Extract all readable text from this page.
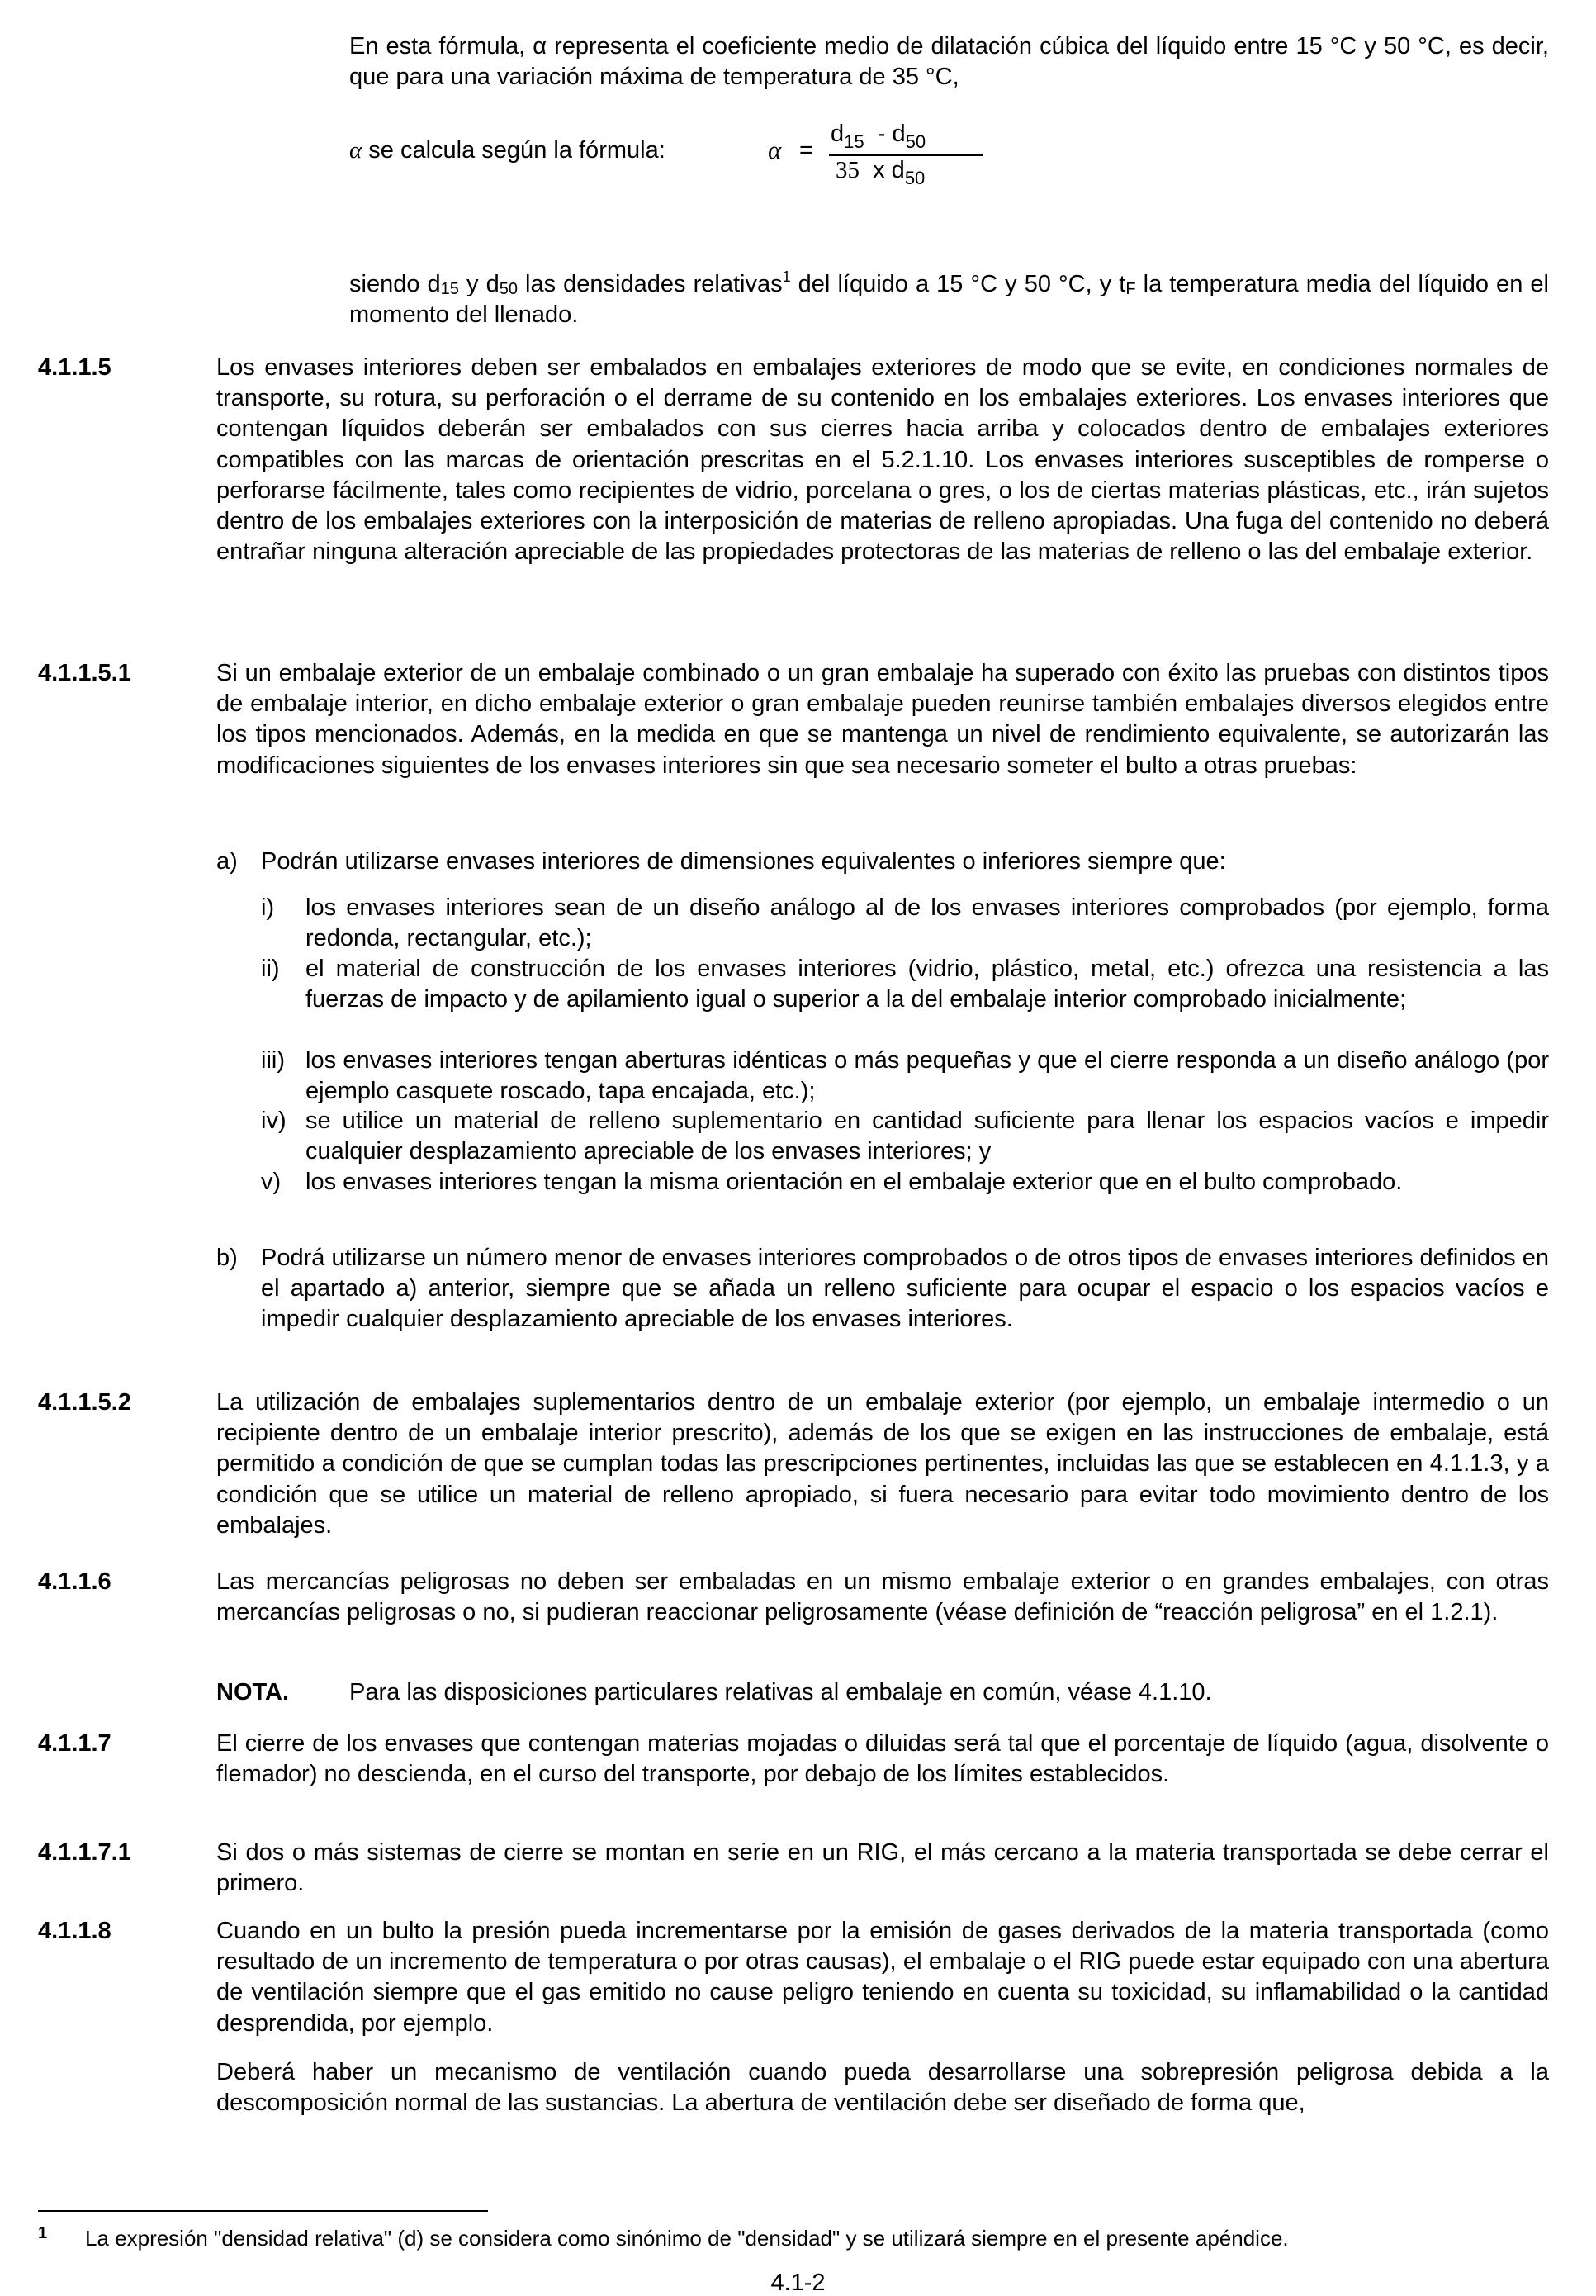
En esta fórmula, α representa el coeficiente medio de dilatación cúbica del líquido entre 15 °C y 50 °C, es decir, que para una variación máxima de temperatura de 35 °C,

α se calcula según la fórmula:	α =
$d_{15} - d_{50}$
35 x $d_{50}$

siendo $d_{15}$ y $d_{50}$ las densidades relativas$^1$ del líquido a 15 °C y 50 °C, y $t_F$ la temperatura media del líquido en el momento del llenado.

4.1.1.5	Los envases interiores deben ser embalados en embalajes exteriores de modo que se evite, en condiciones normales de transporte, su rotura, su perforación o el derrame de su contenido en los embalajes exteriores. Los envases interiores que contengan líquidos deberán ser embalados con sus cierres hacia arriba y colocados dentro de embalajes exteriores compatibles con las marcas de orientación prescritas en el 5.2.1.10. Los envases interiores susceptibles de romperse o perforarse fácilmente, tales como recipientes de vidrio, porcelana o gres, o los de ciertas materias plásticas, etc., irán sujetos dentro de los embalajes exteriores con la interposición de materias de relleno apropiadas. Una fuga del contenido no deberá entrañar ninguna alteración apreciable de las propiedades protectoras de las materias de relleno o las del embalaje exterior.

4.1.1.5.1	Si un embalaje exterior de un embalaje combinado o un gran embalaje ha superado con éxito las pruebas con distintos tipos de embalaje interior, en dicho embalaje exterior o gran embalaje pueden reunirse también embalajes diversos elegidos entre los tipos mencionados. Además, en la medida en que se mantenga un nivel de rendimiento equivalente, se autorizarán las modificaciones siguientes de los envases interiores sin que sea necesario someter el bulto a otras pruebas:

a) Podrán utilizarse envases interiores de dimensiones equivalentes o inferiores siempre que:

i) los envases interiores sean de un diseño análogo al de los envases interiores comprobados (por ejemplo, forma redonda, rectangular, etc.);

ii) el material de construcción de los envases interiores (vidrio, plástico, metal, etc.) ofrezca una resistencia a las fuerzas de impacto y de apilamiento igual o superior a la del embalaje interior comprobado inicialmente;

iii) los envases interiores tengan aberturas idénticas o más pequeñas y que el cierre responda a un diseño análogo (por ejemplo casquete roscado, tapa encajada, etc.);

iv) se utilice un material de relleno suplementario en cantidad suficiente para llenar los espacios vacíos e impedir cualquier desplazamiento apreciable de los envases interiores; y

v) los envases interiores tengan la misma orientación en el embalaje exterior que en el bulto comprobado.

b) Podrá utilizarse un número menor de envases interiores comprobados o de otros tipos de envases interiores definidos en el apartado a) anterior, siempre que se añada un relleno suficiente para ocupar el espacio o los espacios vacíos e impedir cualquier desplazamiento apreciable de los envases interiores.

4.1.1.5.2	La utilización de embalajes suplementarios dentro de un embalaje exterior (por ejemplo, un embalaje intermedio o un recipiente dentro de un embalaje interior prescrito), además de los que se exigen en las instrucciones de embalaje, está permitido a condición de que se cumplan todas las prescripciones pertinentes, incluidas las que se establecen en 4.1.1.3, y a condición que se utilice un material de relleno apropiado, si fuera necesario para evitar todo movimiento dentro de los embalajes.

4.1.1.6	Las mercancías peligrosas no deben ser embaladas en un mismo embalaje exterior o en grandes embalajes, con otras mercancías peligrosas o no, si pudieran reaccionar peligrosamente (véase definición de “reacción peligrosa” en el 1.2.1).

NOTA.	Para las disposiciones particulares relativas al embalaje en común, véase 4.1.10.

4.1.1.7	El cierre de los envases que contengan materias mojadas o diluidas será tal que el porcentaje de líquido (agua, disolvente o flemador) no descienda, en el curso del transporte, por debajo de los límites establecidos.

4.1.1.7.1	Si dos o más sistemas de cierre se montan en serie en un RIG, el más cercano a la materia transportada se debe cerrar el primero.

4.1.1.8	Cuando en un bulto la presión pueda incrementarse por la emisión de gases derivados de la materia transportada (como resultado de un incremento de temperatura o por otras causas), el embalaje o el RIG puede estar equipado con una abertura de ventilación siempre que el gas emitido no cause peligro teniendo en cuenta su toxicidad, su inflamabilidad o la cantidad desprendida, por ejemplo.

Deberá haber un mecanismo de ventilación cuando pueda desarrollarse una sobrepresión peligrosa debida a la descomposición normal de las sustancias. La abertura de ventilación debe ser diseñado de forma que,

1 La expresión "densidad relativa" (d) se considera como sinónimo de "densidad" y se utilizará siempre en el presente apéndice.
4.1-2
